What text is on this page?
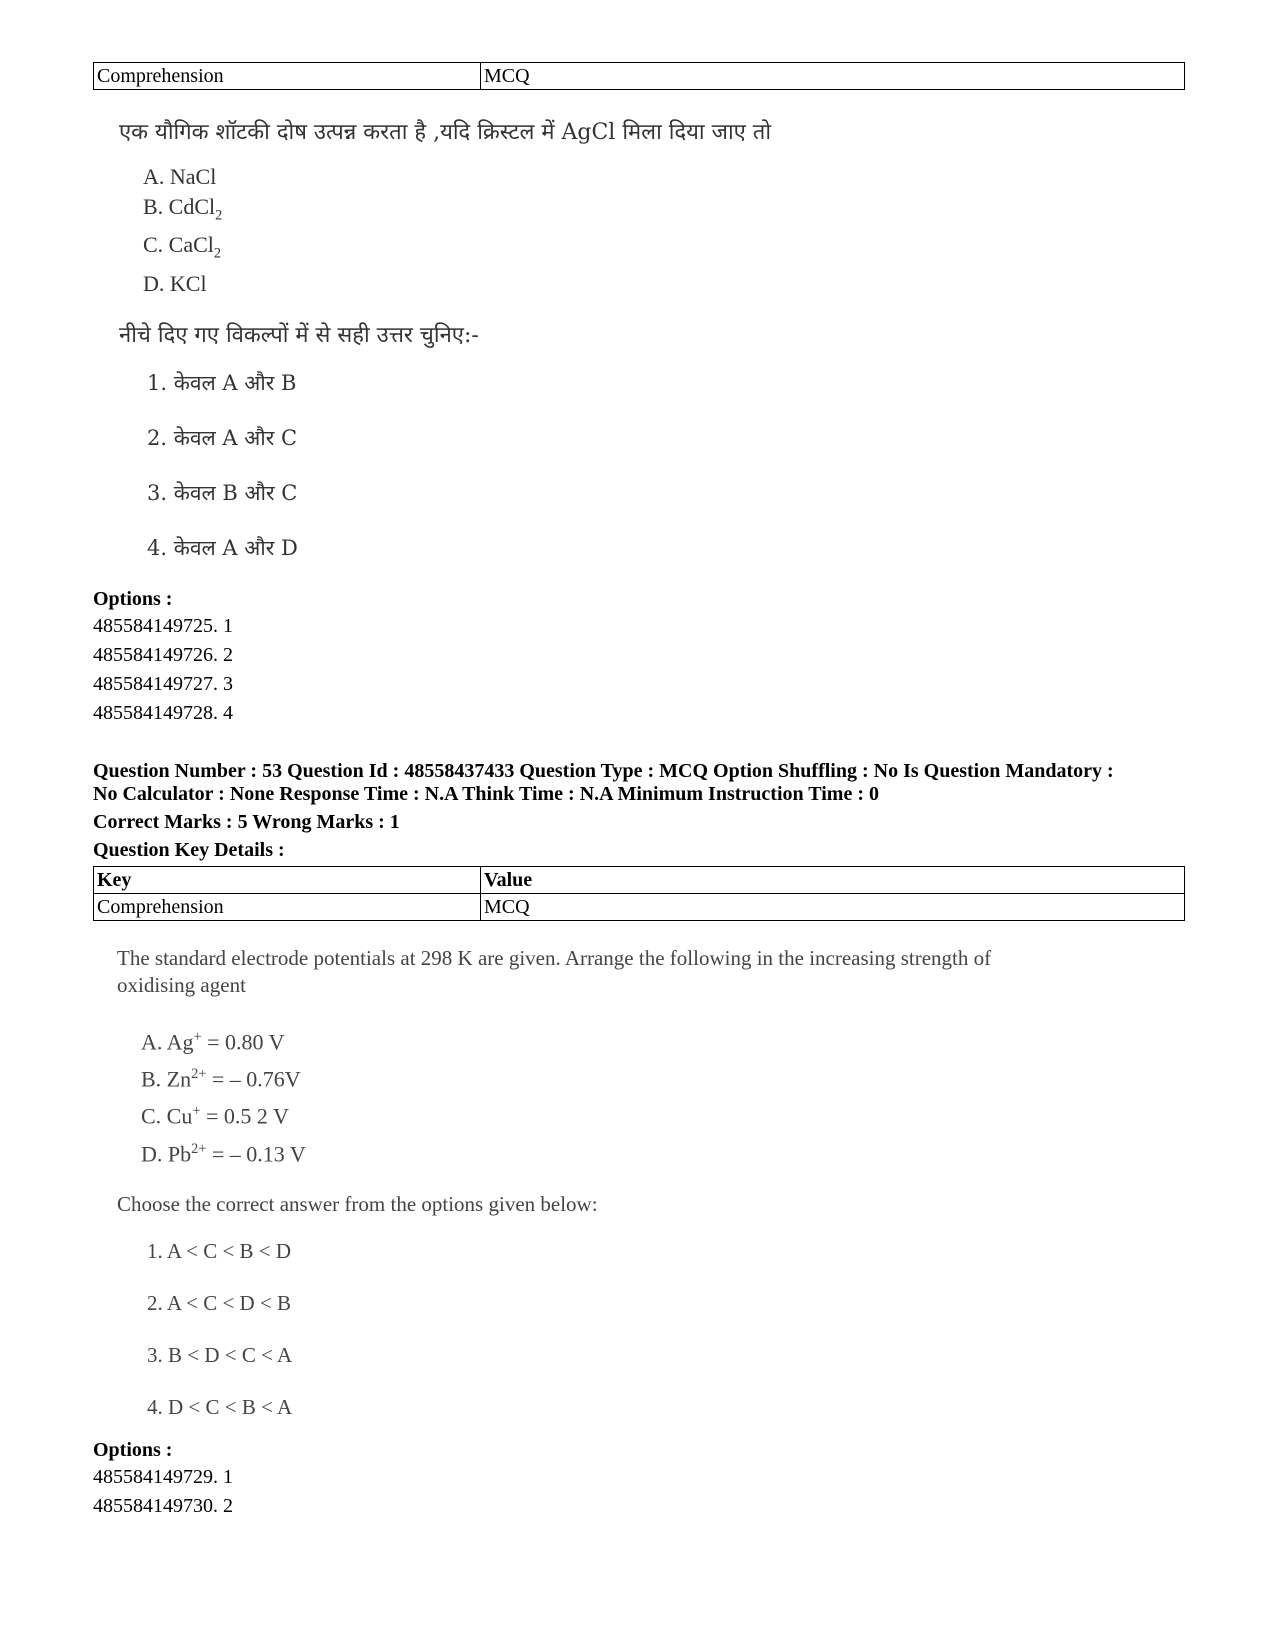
Comprehension	MCQ
एक यौगिक शॉटकी दोष उत्पन्न करता है ,यदि क्रिस्टल में AgCl मिला दिया जाए तो
A. NaCl
B. CdCl$_2$
C. CaCl$_2$
D. KCl
नीचे दिए गए विकल्पों में से सही उत्तर चुनिए:-
1. केवल A और B
2. केवल A और C
3. केवल B और C
4. केवल A और D
Options :
485584149725. 1
485584149726. 2
485584149727. 3
485584149728. 4
Question Number : 53 Question Id : 48558437433 Question Type : MCQ Option Shuffling : No Is Question Mandatory :
No Calculator : None Response Time : N.A Think Time : N.A Minimum Instruction Time : 0
Correct Marks : 5 Wrong Marks : 1
Question Key Details :
Key	Value
Comprehension	MCQ
The standard electrode potentials at 298 K are given. Arrange the following in the increasing strength of
oxidising agent
A. Ag+ = 0.80 V
B. $Zn^{2+}$ = – 0.76V
C. Cu+ = 0.5 2 V
D. $Pb^{2+}$ = – 0.13 V
Choose the correct answer from the options given below:
1. A < C < B < D
2. A < C < D < B
3. B < D < C < A
4. D < C < B < A
Options :
485584149729. 1
485584149730. 2
